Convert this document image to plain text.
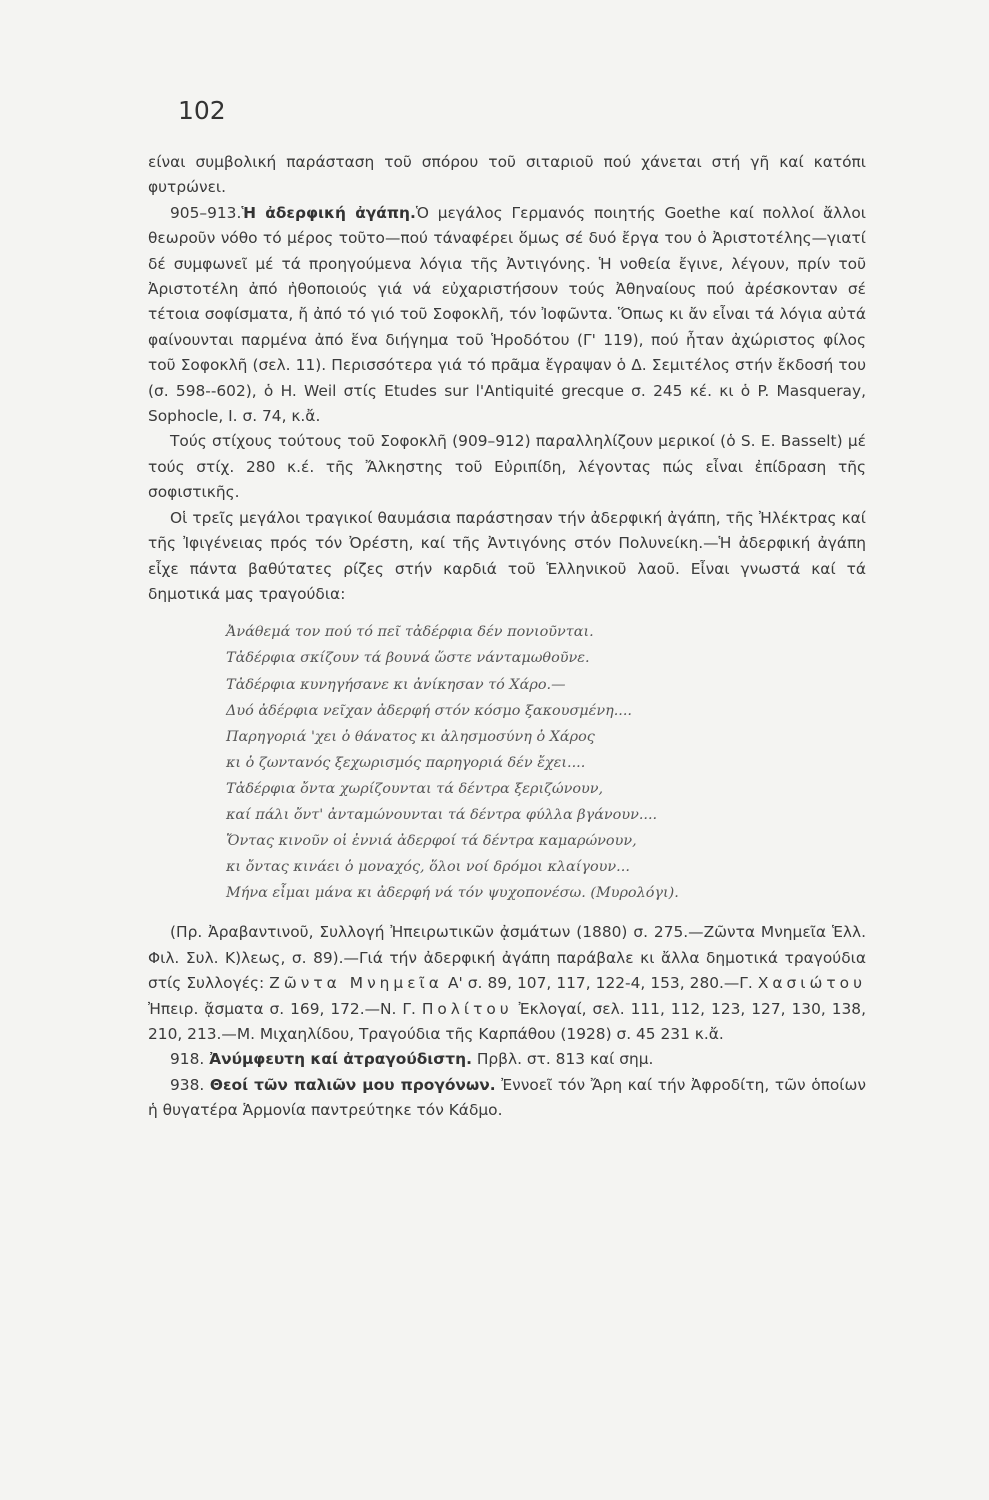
102

είναι συμβολική παράσταση τοῦ σπόρου τοῦ σιταριοῦ πού χάνεται στή γῆ καί κατόπι φυτρώνει.

905–913.Ἡ ἀδερφική ἀγάπη.Ὁ μεγάλος Γερμανός ποιητής Goethe καί πολλοί ἄλλοι θεωροῦν νόθο τό μέρος τοῦτο—πού τάναφέρει ὅμως σέ δυό ἔργα του ὁ Ἀριστοτέλης—γιατί δέ συμφωνεῖ μέ τά προηγούμενα λόγια τῆς Ἀντιγόνης. Ἡ νοθεία ἔγινε, λέγουν, πρίν τοῦ Ἀριστοτέλη ἀπό ἠθοποιούς γιά νά εὐχαριστήσουν τούς Ἀθηναίους πού ἀρέσκονταν σέ τέτοια σοφίσματα, ἤ ἀπό τό γιό τοῦ Σοφοκλῆ, τόν Ἰοφῶντα. Ὅπως κι ἄν εἶναι τά λόγια αὐτά φαίνουνται παρμένα ἀπό ἕνα διήγημα τοῦ Ἡροδότου (Γ' 119), πού ἦταν ἀχώριστος φίλος τοῦ Σοφοκλῆ (σελ. 11). Περισσότερα γιά τό πρᾶμα ἔγραψαν ὁ Δ. Σεμιτέλος στήν ἔκδοσή του (σ. 598--602), ὁ H. Weil στίς Etudes sur l'Antiquité grecque σ. 245 κέ. κι ὁ P. Masqueray, Sophocle, I. σ. 74, κ.ἄ.

Τούς στίχους τούτους τοῦ Σοφοκλῆ (909–912) παραλληλίζουν μερικοί (ὁ S. E. Basselt) μέ τούς στίχ. 280 κ.έ. τῆς Ἄλκηστης τοῦ Εὐριπίδη, λέγοντας πώς εἶναι ἐπίδραση τῆς σοφιστικῆς.

Οἱ τρεῖς μεγάλοι τραγικοί θαυμάσια παράστησαν τήν ἀδερφική ἀγάπη, τῆς Ἠλέκτρας καί τῆς Ἰφιγένειας πρός τόν Ὀρέστη, καί τῆς Ἀντιγόνης στόν Πολυνείκη.—Ἡ ἀδερφική ἀγάπη εἶχε πάντα βαθύτατες ρίζες στήν καρδιά τοῦ Ἑλληνικοῦ λαοῦ. Εἶναι γνωστά καί τά δημοτικά μας τραγούδια:

Ἀνάθεμά τον πού τό πεῖ τἀδέρφια δέν πονιοῦνται.
Τἀδέρφια σκίζουν τά βουνά ὥστε νάνταμωθοῦνε.
Τἀδέρφια κυνηγήσανε κι ἀνίκησαν τό Χάρο.—
Δυό ἀδέρφια νεῖχαν ἀδερφή στόν κόσμο ξακουσμένη....
Παρηγοριά 'χει ὁ θάνατος κι ἀλησμοσύνη ὁ Χάρος
κι ὁ ζωντανός ξεχωρισμός παρηγοριά δέν ἔχει....
Τἀδέρφια ὄντα χωρίζουνται τά δέντρα ξεριζώνουν,
καί πάλι ὄντ' ἀνταμώνουνται τά δέντρα φύλλα βγάνουν....
Ὄντας κινοῦν οἱ ἐννιά ἀδερφοί τά δέντρα καμαρώνουν,
κι ὄντας κινάει ὁ μοναχός, ὅλοι νοί δρόμοι κλαίγουν...
Μήνα εἶμαι μάνα κι ἀδερφή νά τόν ψυχοπονέσω. (Μυρολόγι).

(Πρ. Ἀραβαντινοῦ, Συλλογή Ἠπειρωτικῶν ᾀσμάτων (1880) σ. 275.—Ζῶντα Μνημεῖα Ἑλλ. Φιλ. Συλ. Κ)λεως, σ. 89).—Γιά τήν ἀδερφική ἀγάπη παράβαλε κι ἄλλα δημοτικά τραγούδια στίς Συλλογές: Ζῶντα Μνημεῖα Α' σ. 89, 107, 117, 122-4, 153, 280.—Γ. Χασιώτου Ἠπειρ. ᾄσματα σ. 169, 172.—Ν. Γ. Πολίτου Ἐκλογαί, σελ. 111, 112, 123, 127, 130, 138, 210, 213.—Μ. Μιχαηλίδου, Τραγούδια τῆς Καρπάθου (1928) σ. 45 231 κ.ἄ.

918. Ἀνύμφευτη καί ἀτραγούδιστη. Πρβλ. στ. 813 καί σημ.

938. Θεοί τῶν παλιῶν μου προγόνων. Ἐννοεῖ τόν Ἄρη καί τήν Ἀφροδίτη, τῶν ὁποίων ἡ θυγατέρα Ἁρμονία παντρεύτηκε τόν Κάδμο.
